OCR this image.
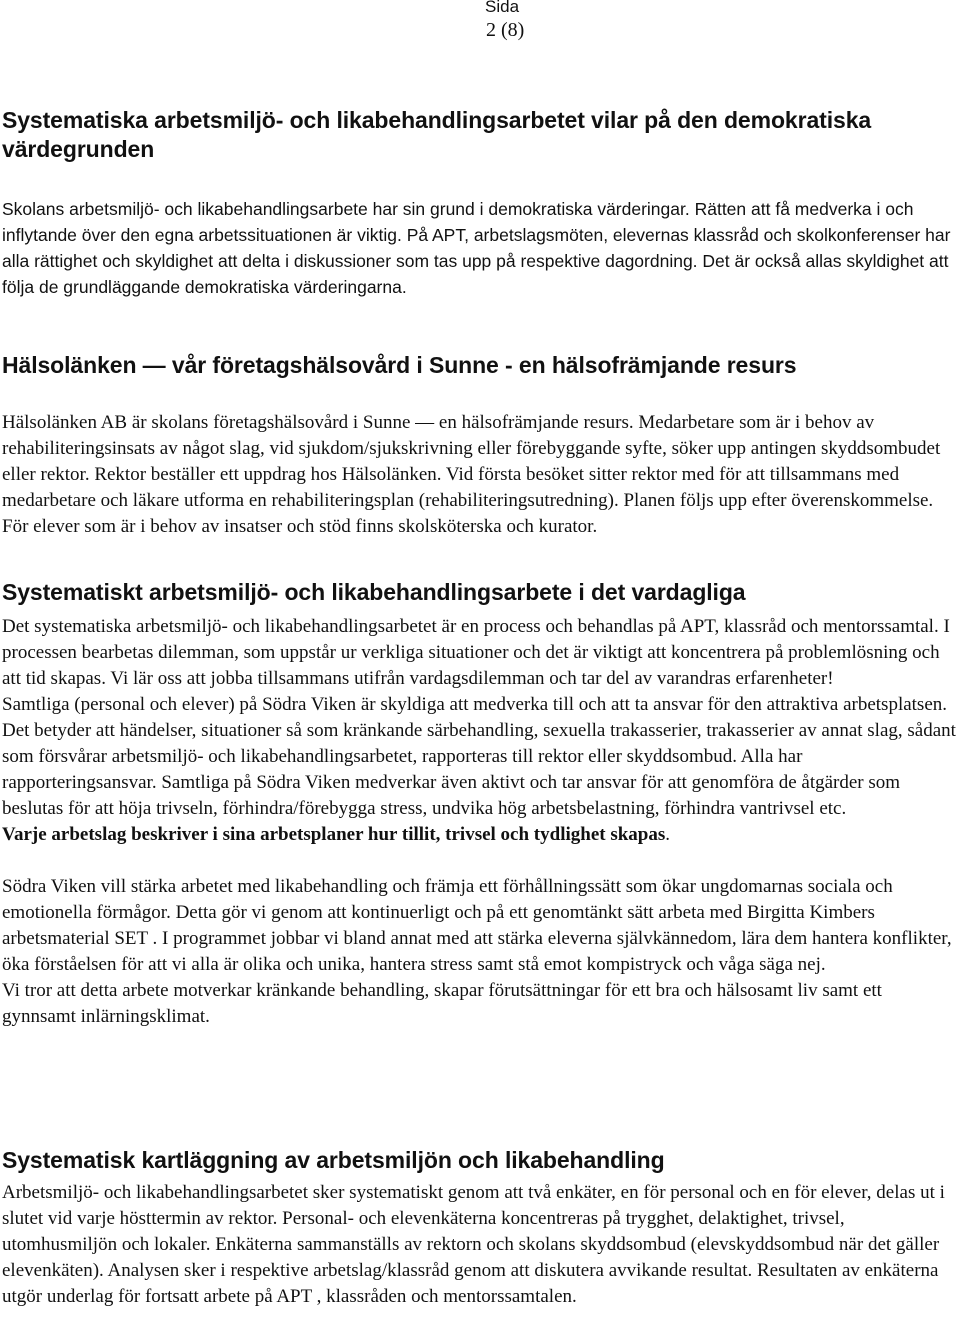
Sida
2 (8)
Systematiska arbetsmiljö- och likabehandlingsarbetet vilar på den demokratiska värdegrunden

Skolans arbetsmiljö- och likabehandlingsarbete har sin grund i demokratiska värderingar. Rätten att få medverka i och inflytande över den egna arbetssituationen är viktig. På APT, arbetslagsmöten, elevernas klassråd och skolkonferenser har alla rättighet och skyldighet att delta i diskussioner som tas upp på respektive dagordning. Det är också allas skyldighet att följa de grundläggande demokratiska värderingarna.

Hälsolänken — vår företagshälsovård i Sunne - en hälsofrämjande resurs

Hälsolänken AB är skolans företagshälsovård i Sunne — en hälsofrämjande resurs. Medarbetare som är i behov av rehabiliteringsinsats av något slag, vid sjukdom/sjukskrivning eller förebyggande syfte, söker upp antingen skyddsombudet eller rektor. Rektor beställer ett uppdrag hos Hälsolänken. Vid första besöket sitter rektor med för att tillsammans med medarbetare och läkare utforma en rehabiliteringsplan (rehabiliteringsutredning). Planen följs upp efter överenskommelse.

För elever som är i behov av insatser och stöd finns skolsköterska och kurator.

Systematiskt arbetsmiljö- och likabehandlingsarbete i det vardagliga

Det systematiska arbetsmiljö- och likabehandlingsarbetet är en process och behandlas på APT, klassråd och mentorssamtal. I processen bearbetas dilemman, som uppstår ur verkliga situationer och det är viktigt att koncentrera på problemlösning och att tid skapas. Vi lär oss att jobba tillsammans utifrån vardagsdilemman och tar del av varandras erfarenheter!

Samtliga (personal och elever) på Södra Viken är skyldiga att medverka till och att ta ansvar för den attraktiva arbetsplatsen. Det betyder att händelser, situationer så som kränkande särbehandling, sexuella trakasserier, trakasserier av annat slag, sådant som försvårar arbetsmiljö- och likabehandlingsarbetet, rapporteras till rektor eller skyddsombud. Alla har rapporteringsansvar. Samtliga på Södra Viken medverkar även aktivt och tar ansvar för att genomföra de åtgärder som beslutas för att höja trivseln, förhindra/förebygga stress, undvika hög arbetsbelastning, förhindra vantrivsel etc.

Varje arbetslag beskriver i sina arbetsplaner hur tillit, trivsel och tydlighet skapas.

Södra Viken vill stärka arbetet med likabehandling och främja ett förhållningssätt som ökar ungdomarnas sociala och emotionella förmågor. Detta gör vi genom att kontinuerligt och på ett genomtänkt sätt arbeta med Birgitta Kimbers arbetsmaterial SET . I programmet jobbar vi bland annat med att stärka eleverna självkännedom, lära dem hantera konflikter, öka förståelsen för att vi alla är olika och unika, hantera stress samt stå emot kompistryck och våga säga nej.

Vi tror att detta arbete motverkar kränkande behandling, skapar förutsättningar för ett bra och hälsosamt liv samt ett gynnsamt inlärningsklimat.

Systematisk kartläggning av arbetsmiljön och likabehandling

Arbetsmiljö- och likabehandlingsarbetet sker systematiskt genom att två enkäter, en för personal och en för elever, delas ut i slutet vid varje hösttermin av rektor. Personal- och elevenkäterna koncentreras på trygghet, delaktighet, trivsel, utomhusmiljön och lokaler. Enkäterna sammanställs av rektorn och skolans skyddsombud (elevskyddsombud när det gäller elevenkäten). Analysen sker i respektive arbetslag/klassråd genom att diskutera avvikande resultat. Resultaten av enkäterna utgör underlag för fortsatt arbete på APT , klassråden och mentorssamtalen.
